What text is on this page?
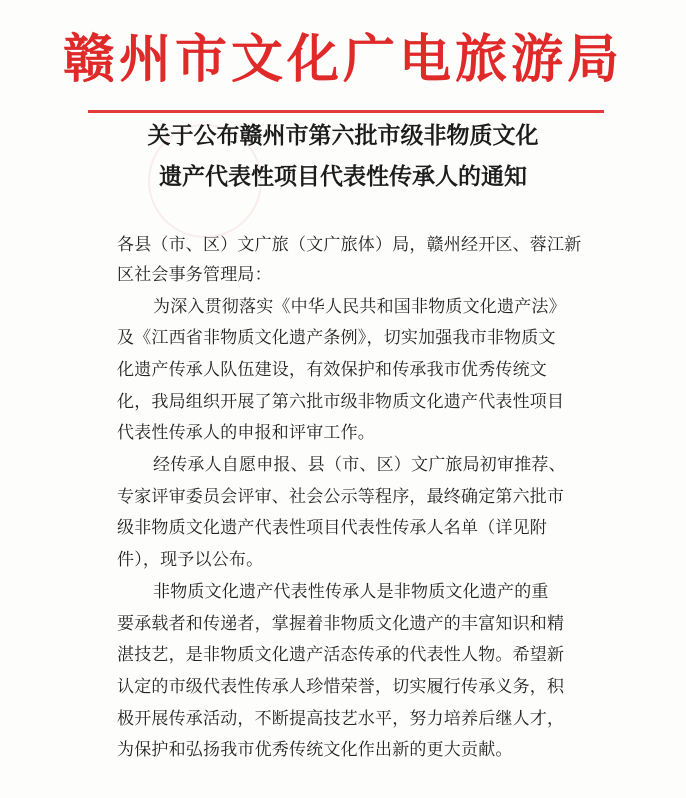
赣州市文化广电旅游局
关于公布赣州市第六批市级非物质文化
遗产代表性项目代表性传承人的通知
各县（市、区）文广旅（文广旅体）局，赣州经开区、蓉江新
区社会事务管理局：
为深入贯彻落实《中华人民共和国非物质文化遗产法》
及《江西省非物质文化遗产条例》，切实加强我市非物质文
化遗产传承人队伍建设，有效保护和传承我市优秀传统文
化，我局组织开展了第六批市级非物质文化遗产代表性项目
代表性传承人的申报和评审工作。
经传承人自愿申报、县（市、区）文广旅局初审推荐、
专家评审委员会评审、社会公示等程序，最终确定第六批市
级非物质文化遗产代表性项目代表性传承人名单（详见附
件），现予以公布。
非物质文化遗产代表性传承人是非物质文化遗产的重
要承载者和传递者，掌握着非物质文化遗产的丰富知识和精
湛技艺，是非物质文化遗产活态传承的代表性人物。希望新
认定的市级代表性传承人珍惜荣誉，切实履行传承义务，积
极开展传承活动，不断提高技艺水平，努力培养后继人才，
为保护和弘扬我市优秀传统文化作出新的更大贡献。
